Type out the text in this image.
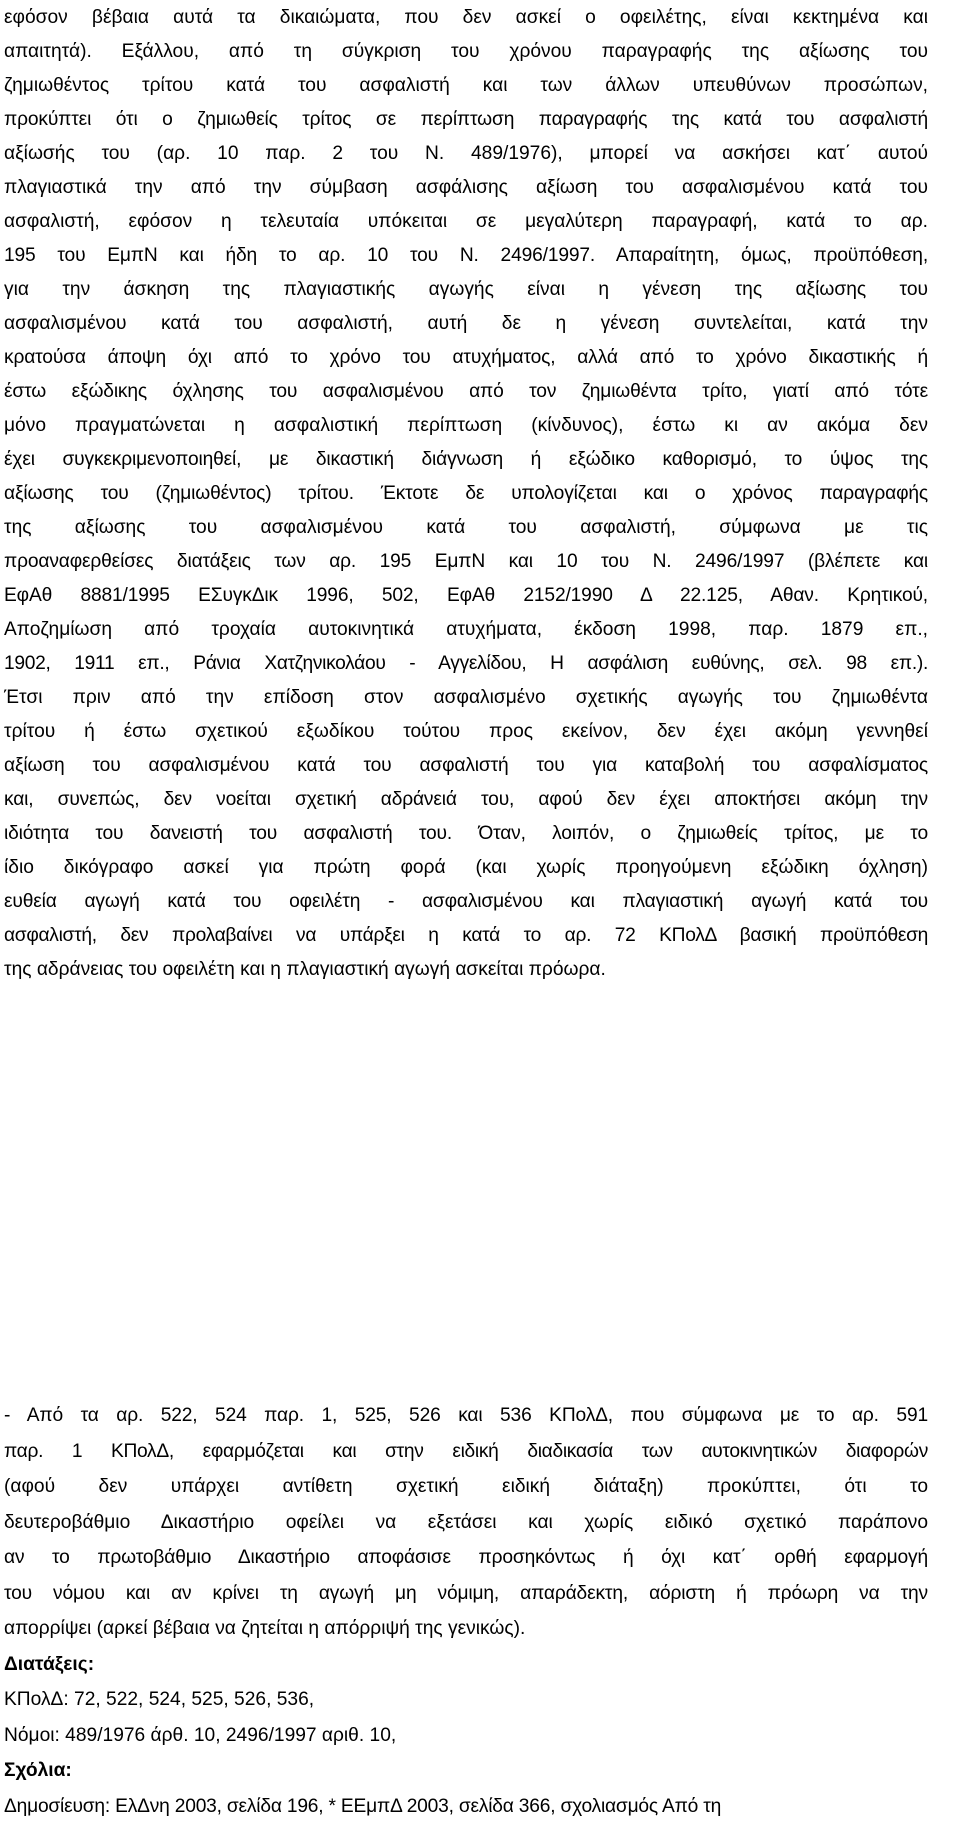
εφόσον βέβαια αυτά τα δικαιώματα, που δεν ασκεί ο οφειλέτης, είναι κεκτημένα και
απαιτητά). Εξάλλου, από τη σύγκριση του χρόνου παραγραφής της αξίωσης του
ζημιωθέντος τρίτου κατά του ασφαλιστή και των άλλων υπευθύνων προσώπων,
προκύπτει ότι ο ζημιωθείς τρίτος σε περίπτωση παραγραφής της κατά του ασφαλιστή
αξίωσής του (αρ. 10 παρ. 2 του Ν. 489/1976), μπορεί να ασκήσει κατ΄ αυτού
πλαγιαστικά την από την σύμβαση ασφάλισης αξίωση του ασφαλισμένου κατά του
ασφαλιστή, εφόσον η τελευταία υπόκειται σε μεγαλύτερη παραγραφή, κατά το αρ.
195 του ΕμπΝ και ήδη το αρ. 10 του Ν. 2496/1997. Απαραίτητη, όμως, προϋπόθεση,
για την άσκηση της πλαγιαστικής αγωγής είναι η γένεση της αξίωσης του
ασφαλισμένου κατά του ασφαλιστή, αυτή δε η γένεση συντελείται, κατά την
κρατούσα άποψη όχι από το χρόνο του ατυχήματος, αλλά από το χρόνο δικαστικής ή
έστω εξώδικης όχλησης του ασφαλισμένου από τον ζημιωθέντα τρίτο, γιατί από τότε
μόνο πραγματώνεται η ασφαλιστική περίπτωση (κίνδυνος), έστω κι αν ακόμα δεν
έχει συγκεκριμενοποιηθεί, με δικαστική διάγνωση ή εξώδικο καθορισμό, το ύψος της
αξίωσης του (ζημιωθέντος) τρίτου. Έκτοτε δε υπολογίζεται και ο χρόνος παραγραφής
της αξίωσης του ασφαλισμένου κατά του ασφαλιστή, σύμφωνα με τις
προαναφερθείσες διατάξεις των αρ. 195 ΕμπΝ και 10 του Ν. 2496/1997 (βλέπετε και
ΕφΑθ 8881/1995 ΕΣυγκΔικ 1996, 502, ΕφΑθ 2152/1990 Δ 22.125, Αθαν. Κρητικού,
Αποζημίωση από τροχαία αυτοκινητικά ατυχήματα, έκδοση 1998, παρ. 1879 επ.,
1902, 1911 επ., Ράνια Χατζηνικολάου - Αγγελίδου, Η ασφάλιση ευθύνης, σελ. 98 επ.).
Έτσι πριν από την επίδοση στον ασφαλισμένο σχετικής αγωγής του ζημιωθέντα
τρίτου ή έστω σχετικού εξωδίκου τούτου προς εκείνον, δεν έχει ακόμη γεννηθεί
αξίωση του ασφαλισμένου κατά του ασφαλιστή του για καταβολή του ασφαλίσματος
και, συνεπώς, δεν νοείται σχετική αδράνειά του, αφού δεν έχει αποκτήσει ακόμη την
ιδιότητα του δανειστή του ασφαλιστή του. Όταν, λοιπόν, ο ζημιωθείς τρίτος, με το
ίδιο δικόγραφο ασκεί για πρώτη φορά (και χωρίς προηγούμενη εξώδικη όχληση)
ευθεία αγωγή κατά του οφειλέτη - ασφαλισμένου και πλαγιαστική αγωγή κατά του
ασφαλιστή, δεν προλαβαίνει να υπάρξει η κατά το αρ. 72 ΚΠολΔ βασική προϋπόθεση
της αδράνειας του οφειλέτη και η πλαγιαστική αγωγή ασκείται πρόωρα.
- Από τα αρ. 522, 524 παρ. 1, 525, 526 και 536 ΚΠολΔ, που σύμφωνα με το αρ. 591
παρ. 1 ΚΠολΔ, εφαρμόζεται και στην ειδική διαδικασία των αυτοκινητικών διαφορών
(αφού δεν υπάρχει αντίθετη σχετική ειδική διάταξη) προκύπτει, ότι το
δευτεροβάθμιο Δικαστήριο οφείλει να εξετάσει και χωρίς ειδικό σχετικό παράπονο
αν το πρωτοβάθμιο Δικαστήριο αποφάσισε προσηκόντως ή όχι κατ΄ ορθή εφαρμογή
του νόμου και αν κρίνει τη αγωγή μη νόμιμη, απαράδεκτη, αόριστη ή πρόωρη να την
απορρίψει (αρκεί βέβαια να ζητείται η απόρριψή της γενικώς).
Διατάξεις:
ΚΠολΔ: 72, 522, 524, 525, 526, 536,
Νόμοι: 489/1976 άρθ. 10, 2496/1997 αριθ. 10,
Σχόλια:
Δημοσίευση: ΕλΔνη 2003, σελίδα 196, * ΕΕμπΔ 2003, σελίδα 366, σχολιασμός Από τη
